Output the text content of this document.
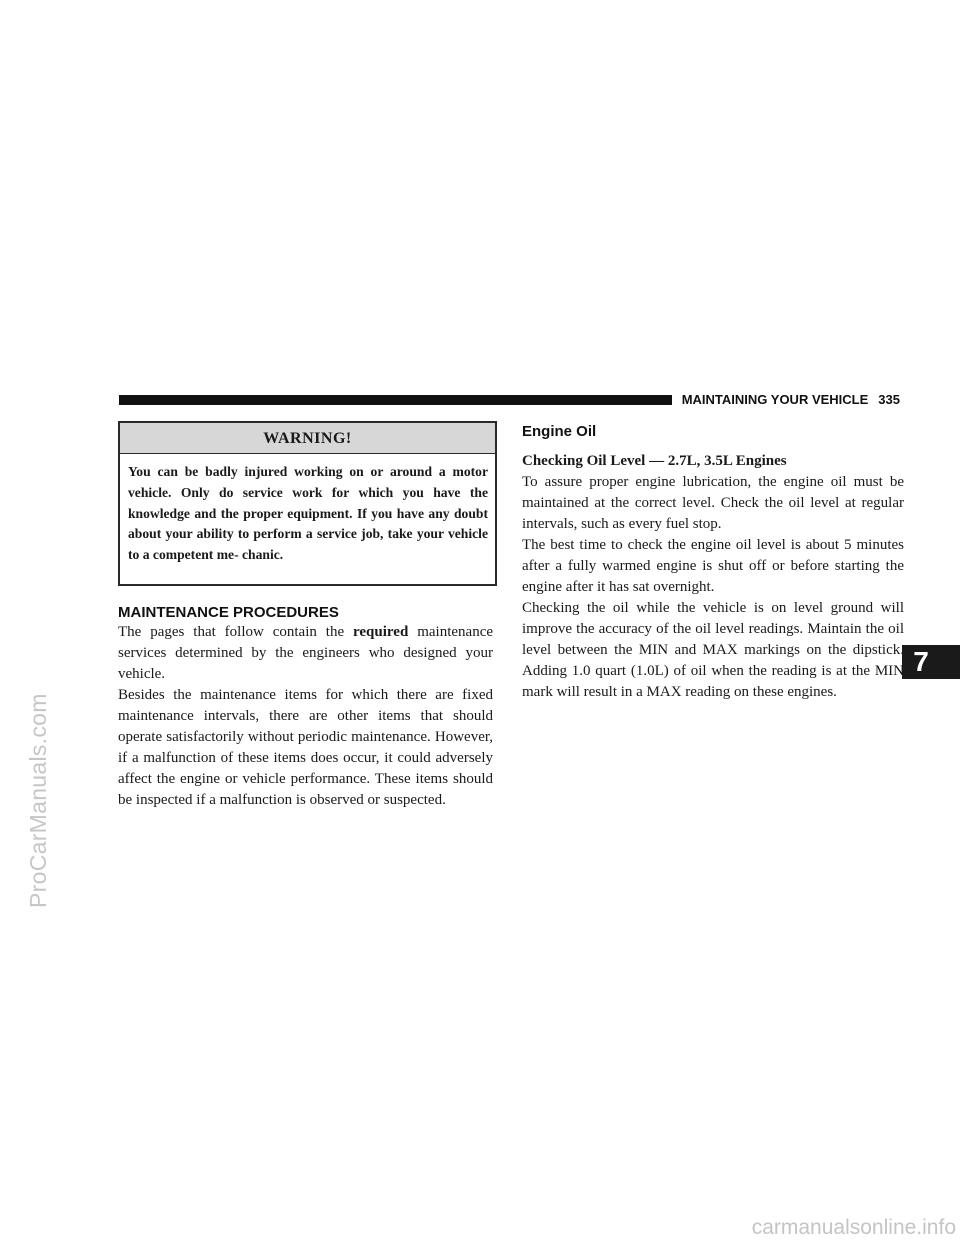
MAINTAINING YOUR VEHICLE 335
7
ProCarManuals.com
carmanualsonline.info
WARNING!
You can be badly injured working on or around a motor vehicle. Only do service work for which you have the knowledge and the proper equipment. If you have any doubt about your ability to perform a service job, take your vehicle to a competent me- chanic.
MAINTENANCE PROCEDURES

The pages that follow contain the required maintenance services determined by the engineers who designed your vehicle.

Besides the maintenance items for which there are fixed maintenance intervals, there are other items that should operate satisfactorily without periodic maintenance. However, if a malfunction of these items does occur, it could adversely affect the engine or vehicle performance. These items should be inspected if a malfunction is observed or suspected.

Engine Oil
Checking Oil Level — 2.7L, 3.5L Engines

To assure proper engine lubrication, the engine oil must be maintained at the correct level. Check the oil level at regular intervals, such as every fuel stop.

The best time to check the engine oil level is about 5 minutes after a fully warmed engine is shut off or before starting the engine after it has sat overnight.

Checking the oil while the vehicle is on level ground will improve the accuracy of the oil level readings. Maintain the oil level between the MIN and MAX markings on the dipstick. Adding 1.0 quart (1.0L) of oil when the reading is at the MIN mark will result in a MAX reading on these engines.
